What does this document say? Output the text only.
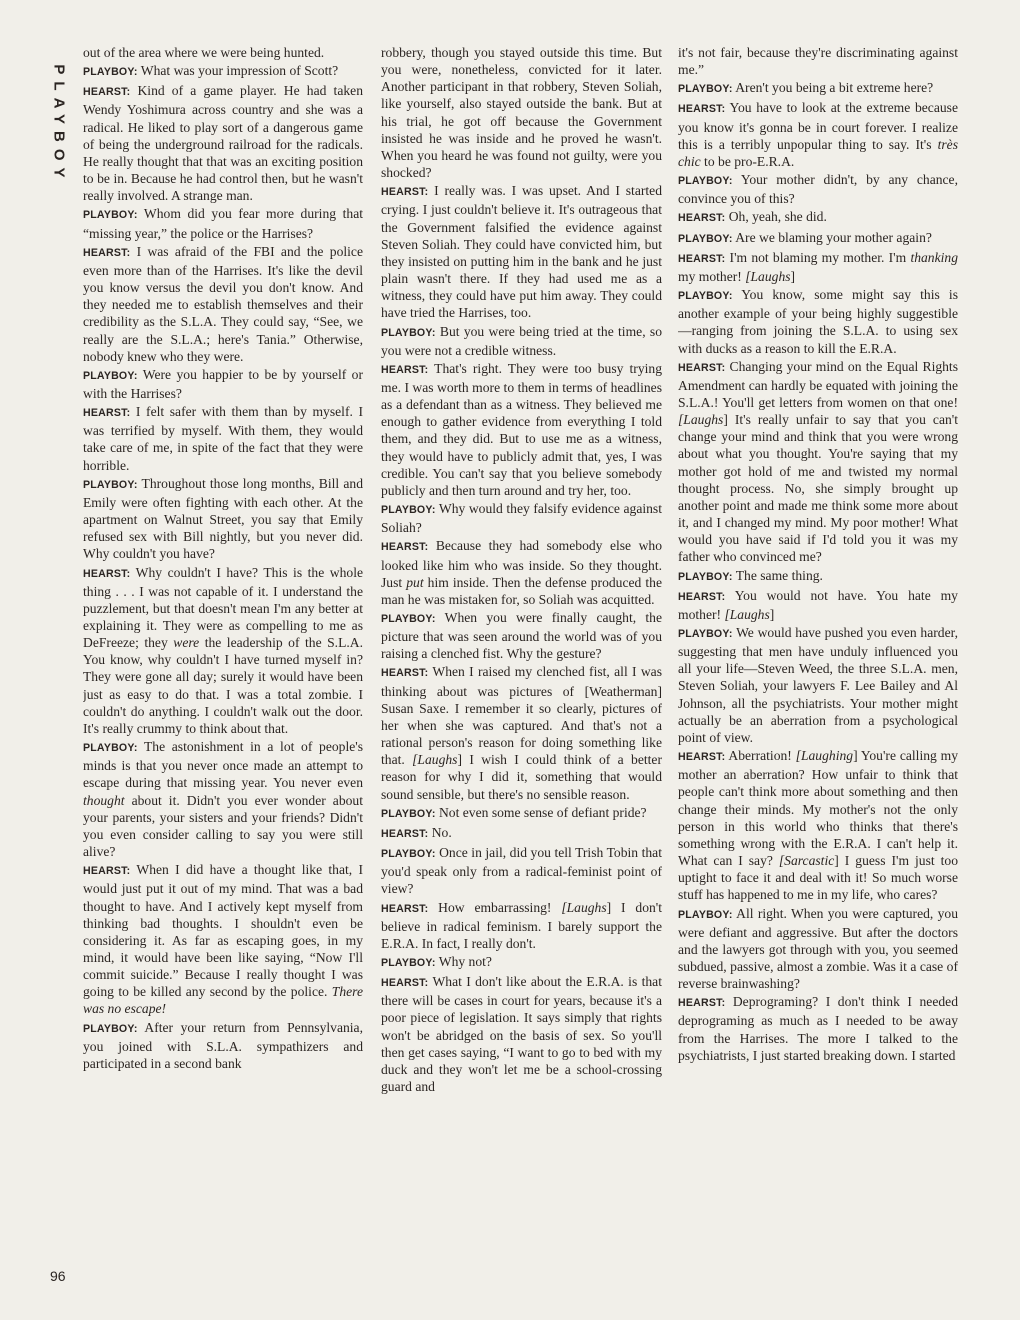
PLAYBOY

out of the area where we were being hunted.

PLAYBOY: What was your impression of Scott?

HEARST: Kind of a game player. He had taken Wendy Yoshimura across country and she was a radical. He liked to play sort of a dangerous game of being the underground railroad for the radicals. He really thought that that was an exciting position to be in. Because he had control then, but he wasn't really involved. A strange man.

PLAYBOY: Whom did you fear more during that “missing year,” the police or the Harrises?

HEARST: I was afraid of the FBI and the police even more than of the Harrises. It's like the devil you know versus the devil you don't know. And they needed me to establish themselves and their credibility as the S.L.A. They could say, “See, we really are the S.L.A.; here's Tania.” Otherwise, nobody knew who they were.

PLAYBOY: Were you happier to be by yourself or with the Harrises?

HEARST: I felt safer with them than by myself. I was terrified by myself. With them, they would take care of me, in spite of the fact that they were horrible.

PLAYBOY: Throughout those long months, Bill and Emily were often fighting with each other. At the apartment on Walnut Street, you say that Emily refused sex with Bill nightly, but you never did. Why couldn't you have?

HEARST: Why couldn't I have? This is the whole thing . . . I was not capable of it. I understand the puzzlement, but that doesn't mean I'm any better at explaining it. They were as compelling to me as DeFreeze; they were the leadership of the S.L.A. You know, why couldn't I have turned myself in? They were gone all day; surely it would have been just as easy to do that. I was a total zombie. I couldn't do anything. I couldn't walk out the door. It's really crummy to think about that.

PLAYBOY: The astonishment in a lot of people's minds is that you never once made an attempt to escape during that missing year. You never even thought about it. Didn't you ever wonder about your parents, your sisters and your friends? Didn't you even consider calling to say you were still alive?

HEARST: When I did have a thought like that, I would just put it out of my mind. That was a bad thought to have. And I actively kept myself from thinking bad thoughts. I shouldn't even be considering it. As far as escaping goes, in my mind, it would have been like saying, “Now I'll commit suicide.” Because I really thought I was going to be killed any second by the police. There was no escape!

PLAYBOY: After your return from Pennsylvania, you joined with S.L.A. sympathizers and participated in a second bank

robbery, though you stayed outside this time. But you were, nonetheless, convicted for it later. Another participant in that robbery, Steven Soliah, like yourself, also stayed outside the bank. But at his trial, he got off because the Government insisted he was inside and he proved he wasn't. When you heard he was found not guilty, were you shocked?

HEARST: I really was. I was upset. And I started crying. I just couldn't believe it. It's outrageous that the Government falsified the evidence against Steven Soliah. They could have convicted him, but they insisted on putting him in the bank and he just plain wasn't there. If they had used me as a witness, they could have put him away. They could have tried the Harrises, too.

PLAYBOY: But you were being tried at the time, so you were not a credible witness.

HEARST: That's right. They were too busy trying me. I was worth more to them in terms of headlines as a defendant than as a witness. They believed me enough to gather evidence from everything I told them, and they did. But to use me as a witness, they would have to publicly admit that, yes, I was credible. You can't say that you believe somebody publicly and then turn around and try her, too.

PLAYBOY: Why would they falsify evidence against Soliah?

HEARST: Because they had somebody else who looked like him who was inside. So they thought. Just put him inside. Then the defense produced the man he was mistaken for, so Soliah was acquitted.

PLAYBOY: When you were finally caught, the picture that was seen around the world was of you raising a clenched fist. Why the gesture?

HEARST: When I raised my clenched fist, all I was thinking about was pictures of [Weatherman] Susan Saxe. I remember it so clearly, pictures of her when she was captured. And that's not a rational person's reason for doing something like that. [Laughs] I wish I could think of a better reason for why I did it, something that would sound sensible, but there's no sensible reason.

PLAYBOY: Not even some sense of defiant pride?

HEARST: No.

PLAYBOY: Once in jail, did you tell Trish Tobin that you'd speak only from a radical-feminist point of view?

HEARST: How embarrassing! [Laughs] I don't believe in radical feminism. I barely support the E.R.A. In fact, I really don't.

PLAYBOY: Why not?

HEARST: What I don't like about the E.R.A. is that there will be cases in court for years, because it's a poor piece of legislation. It says simply that rights won't be abridged on the basis of sex. So you'll then get cases saying, “I want to go to bed with my duck and they won't let me be a school-crossing guard and

it's not fair, because they're discriminating against me.”

PLAYBOY: Aren't you being a bit extreme here?

HEARST: You have to look at the extreme because you know it's gonna be in court forever. I realize this is a terribly unpopular thing to say. It's très chic to be pro-E.R.A.

PLAYBOY: Your mother didn't, by any chance, convince you of this?

HEARST: Oh, yeah, she did.

PLAYBOY: Are we blaming your mother again?

HEARST: I'm not blaming my mother. I'm thanking my mother! [Laughs]

PLAYBOY: You know, some might say this is another example of your being highly suggestible—ranging from joining the S.L.A. to using sex with ducks as a reason to kill the E.R.A.

HEARST: Changing your mind on the Equal Rights Amendment can hardly be equated with joining the S.L.A.! You'll get letters from women on that one! [Laughs] It's really unfair to say that you can't change your mind and think that you were wrong about what you thought. You're saying that my mother got hold of me and twisted my normal thought process. No, she simply brought up another point and made me think some more about it, and I changed my mind. My poor mother! What would you have said if I'd told you it was my father who convinced me?

PLAYBOY: The same thing.

HEARST: You would not have. You hate my mother! [Laughs]

PLAYBOY: We would have pushed you even harder, suggesting that men have unduly influenced you all your life—Steven Weed, the three S.L.A. men, Steven Soliah, your lawyers F. Lee Bailey and Al Johnson, all the psychiatrists. Your mother might actually be an aberration from a psychological point of view.

HEARST: Aberration! [Laughing] You're calling my mother an aberration? How unfair to think that people can't think more about something and then change their minds. My mother's not the only person in this world who thinks that there's something wrong with the E.R.A. I can't help it. What can I say? [Sarcastic] I guess I'm just too uptight to face it and deal with it! So much worse stuff has happened to me in my life, who cares?

PLAYBOY: All right. When you were captured, you were defiant and aggressive. But after the doctors and the lawyers got through with you, you seemed subdued, passive, almost a zombie. Was it a case of reverse brainwashing?

HEARST: Deprograming? I don't think I needed deprograming as much as I needed to be away from the Harrises. The more I talked to the psychiatrists, I just started breaking down. I started

96
